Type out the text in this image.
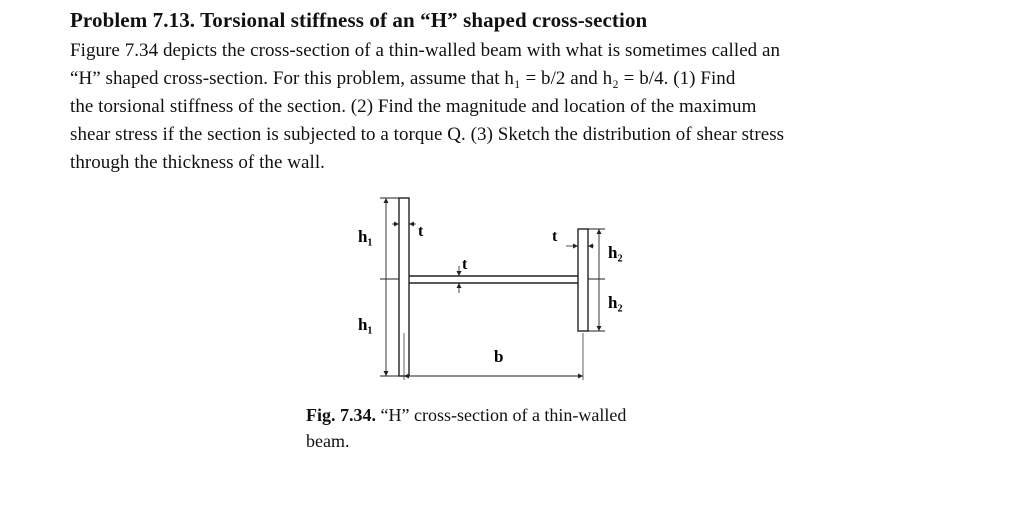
Problem 7.13. Torsional stiffness of an “H” shaped cross-section
Figure 7.34 depicts the cross-section of a thin-walled beam with what is sometimes called an
“H” shaped cross-section. For this problem, assume that h₁ = b/2 and h₂ = b/4. (1) Find
the torsional stiffness of the section. (2) Find the magnitude and location of the maximum
shear stress if the section is subjected to a torque Q. (3) Sketch the distribution of shear stress
through the thickness of the wall.
h₁
h₁
t
t
t
h₂
h₂
b
Fig. 7.34. “H” cross-section of a thin-walled
beam.
